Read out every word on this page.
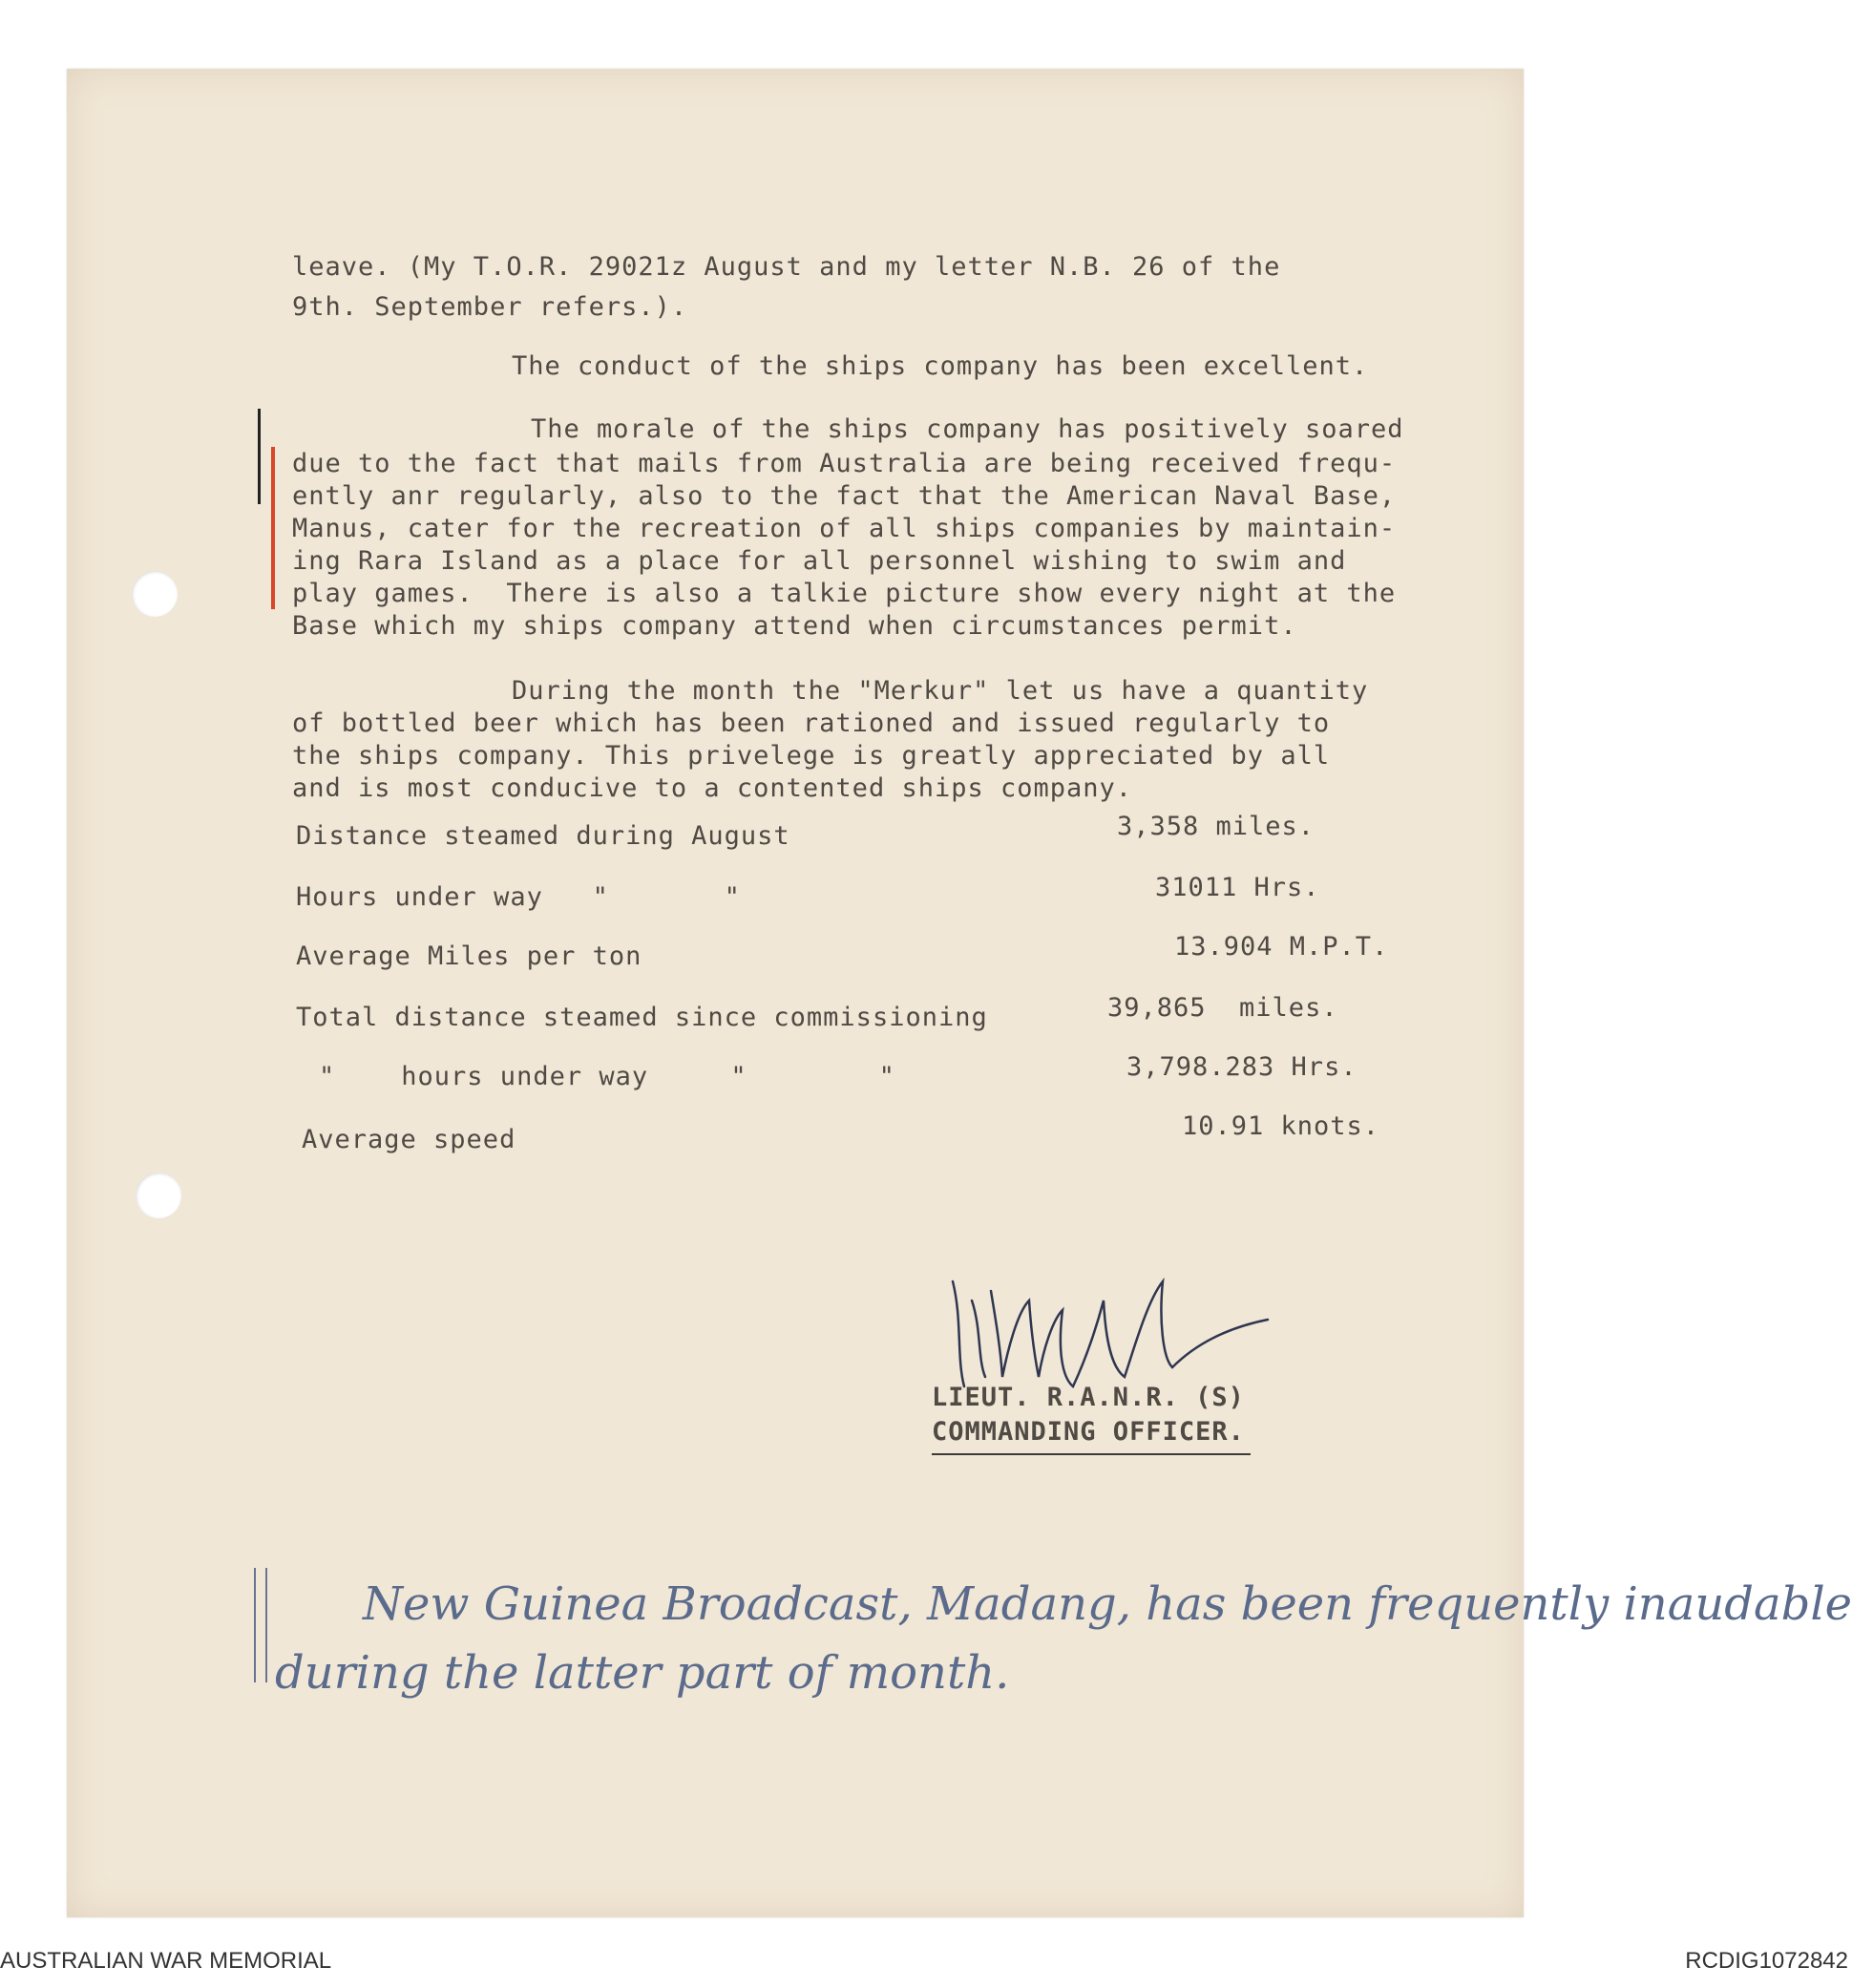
leave. (My T.O.R. 29021z August and my letter N.B. 26 of the
9th. September refers.).
The conduct of the ships company has been excellent.
The morale of the ships company has positively soared
due to the fact that mails from Australia are being received frequ-
ently anr regularly, also to the fact that the American Naval Base,
Manus, cater for the recreation of all ships companies by maintain-
ing Rara Island as a place for all personnel wishing to swim and
play games.  There is also a talkie picture show every night at the
Base which my ships company attend when circumstances permit.
During the month the "Merkur" let us have a quantity
of bottled beer which has been rationed and issued regularly to
the ships company. This privelege is greatly appreciated by all
and is most conducive to a contented ships company.
Distance steamed during August	3,358 miles.
Hours under way   "       "	31011 Hrs.
Average Miles per ton	13.904 M.P.T.
Total distance steamed since commissioning	39,865  miles.
"    hours under way     "        "	3,798.283 Hrs.
Average speed	10.91 knots.
LIEUT. R.A.N.R. (S)
COMMANDING OFFICER.
New Guinea Broadcast, Madang, has been frequently inaudable
during the latter part of month.
AUSTRALIAN WAR MEMORIAL	RCDIG1072842
